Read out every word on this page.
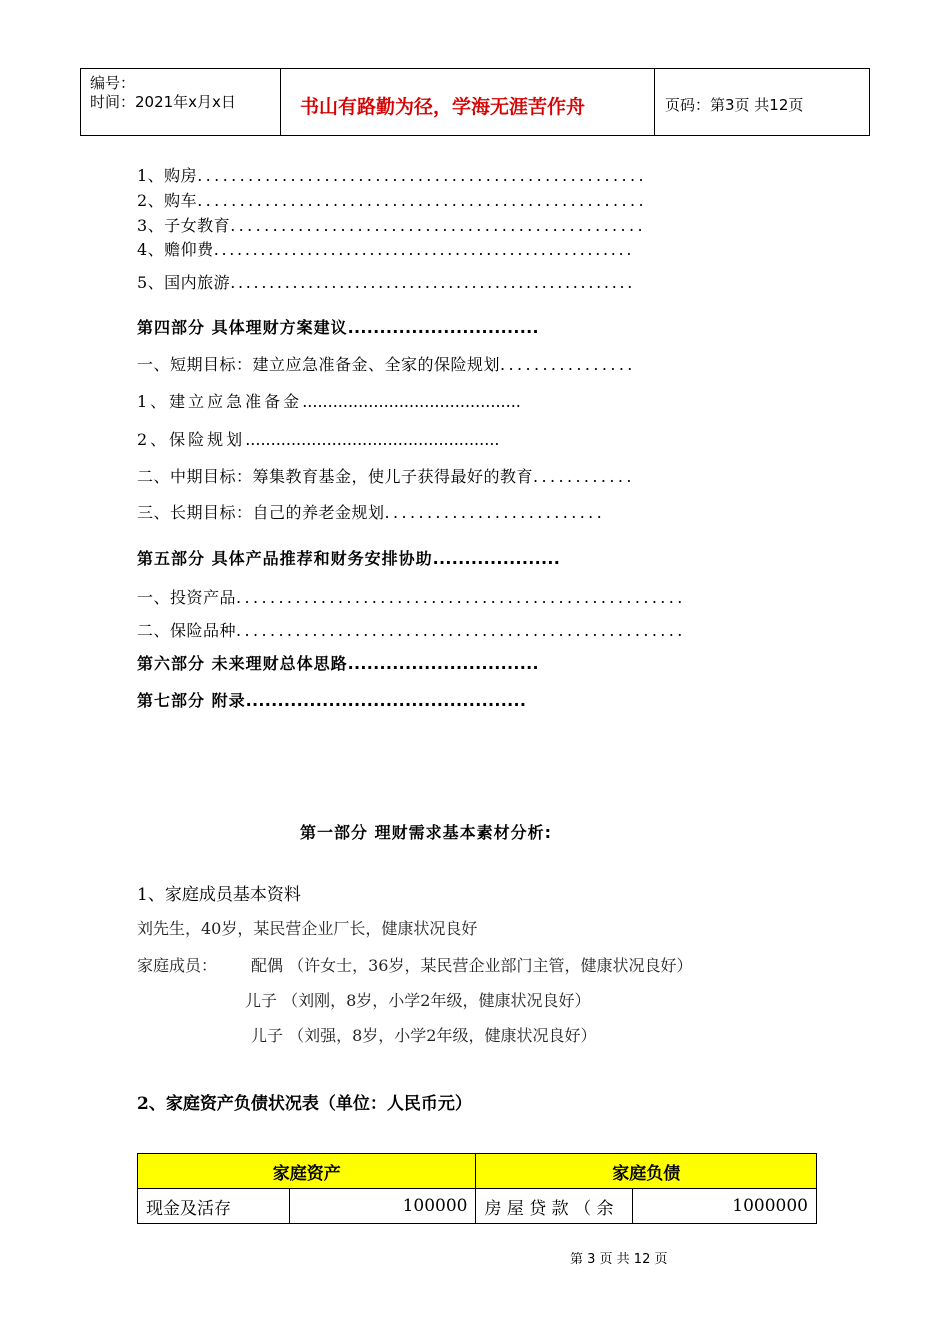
编号：
时间：2021年x月x日	书山有路勤为径，学海无涯苦作舟	页码：第3页 共12页
1、购房.....................................................
2、购车.....................................................
3、子女教育.................................................
4、赡仰费......................................................
5、国内旅游....................................................
第四部分 具体理财方案建议..............................
一、短期目标：建立应急准备金、全家的保险规划................
1、建立应急准备金...........................................
2、保险规划..................................................
二、中期目标：筹集教育基金，使儿子获得最好的教育............
三、长期目标：自己的养老金规划..........................
第五部分 具体产品推荐和财务安排协助....................
一、投资产品.....................................................
二、保险品种.....................................................
第六部分 未来理财总体思路..............................
第七部分 附录............................................
第一部分 理财需求基本素材分析:
1、家庭成员基本资料
刘先生，40岁，某民营企业厂长，健康状况良好
家庭成员： 配偶 （许女士，36岁，某民营企业部门主管，健康状况良好）
儿子 （刘刚，8岁，小学2年级，健康状况良好）
儿子 （刘强，8岁，小学2年级，健康状况良好）
2、家庭资产负债状况表（单位：人民币元）
家庭资产		家庭负债	
现金及活存	100000	房 屋 贷 款 （ 余	1000000
第 3 页 共 12 页
